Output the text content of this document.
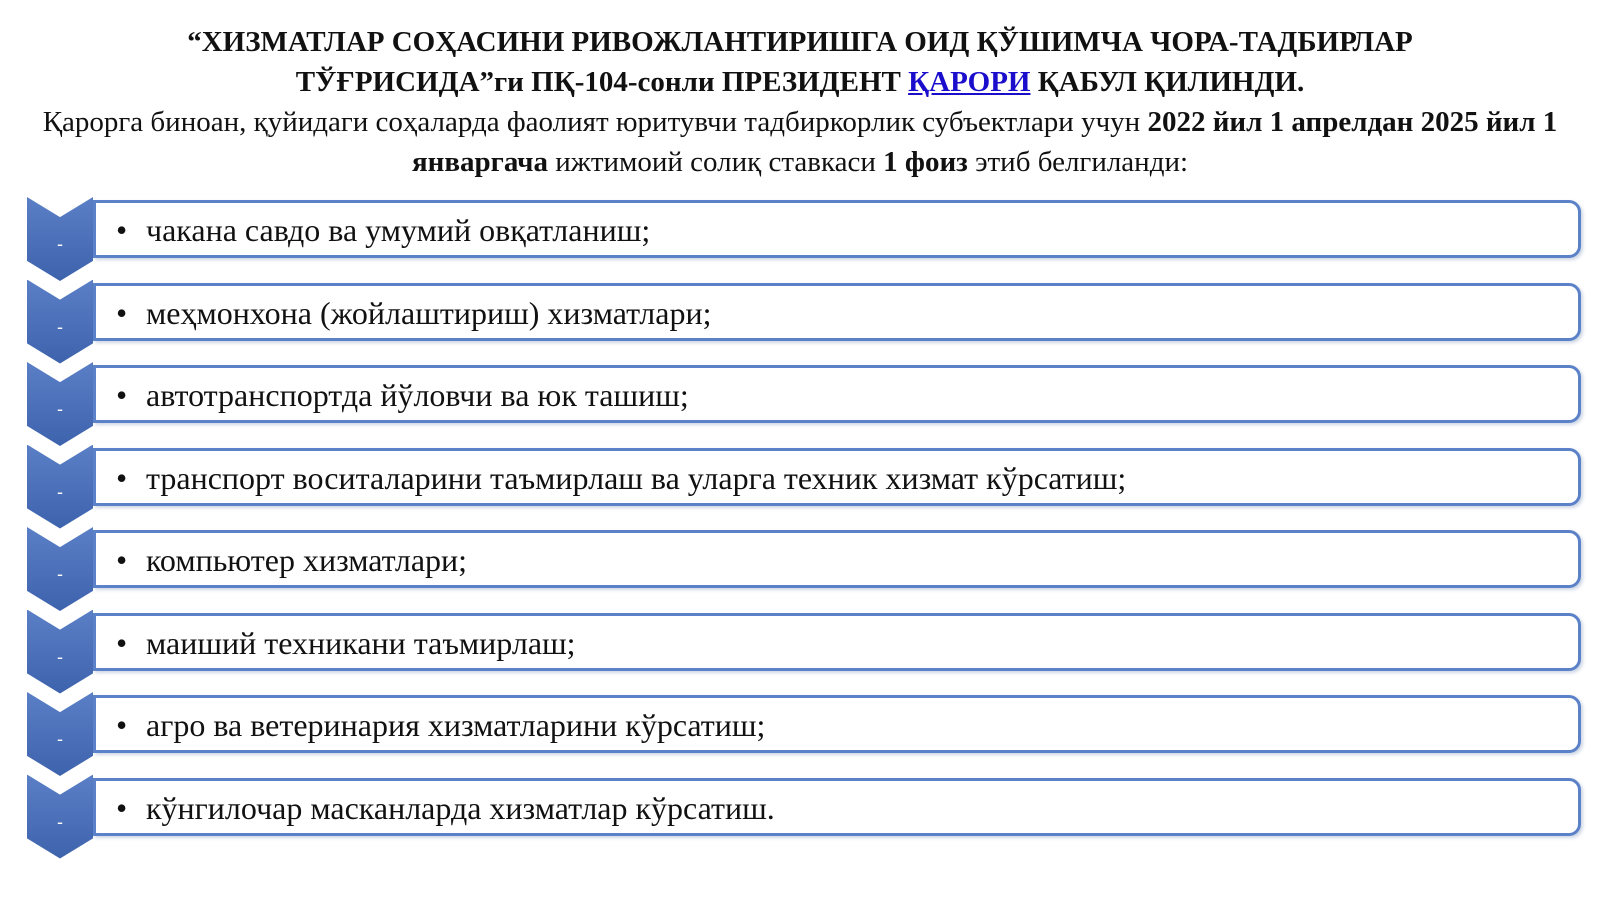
“ХИЗМАТЛАР СОҲАСИНИ РИВОЖЛАНТИРИШГА ОИД ҚЎШИМЧА ЧОРА-ТАДБИРЛАР
ТЎҒРИСИДА”ги ПҚ-104-сонли ПРЕЗИДЕНТ ҚАРОРИ ҚАБУЛ ҚИЛИНДИ.

Қарорга биноан, қуйидаги соҳаларда фаолият юритувчи тадбиркорлик субъектлари учун 2022 йил 1 апрелдан 2025 йил 1 январгача ижтимоий солиқ ставкаси 1 фоиз этиб белгиланди:

- • чакана савдо ва умумий овқатланиш;
- • меҳмонхона (жойлаштириш) хизматлари;
- • автотранспортда йўловчи ва юк ташиш;
- • транспорт воситаларини таъмирлаш ва уларга техник хизмат кўрсатиш;
- • компьютер хизматлари;
- • маиший техникани таъмирлаш;
- • агро ва ветеринария хизматларини кўрсатиш;
- • кўнгилочар масканларда хизматлар кўрсатиш.
